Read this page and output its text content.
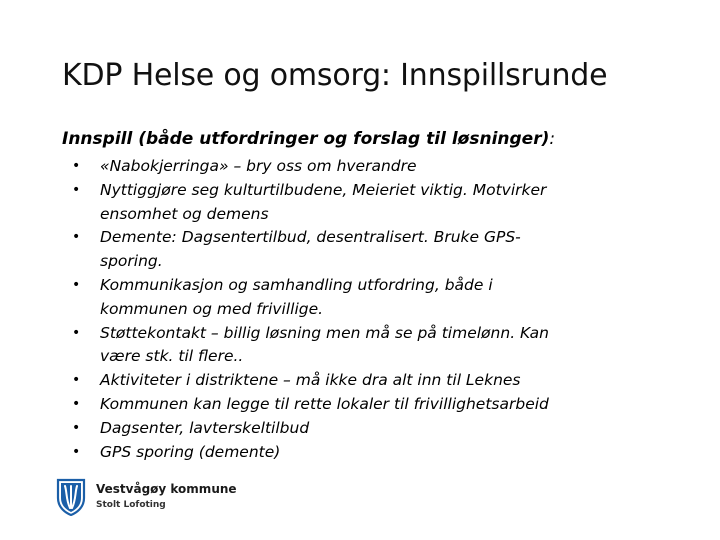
KDP Helse og omsorg: Innspillsrunde
Innspill (både utfordringer og forslag til løsninger):
• «Nabokjerringa» – bry oss om hverandre
• Nyttiggjøre seg kulturtilbudene, Meieriet viktig. Motvirker
ensomhet og demens
• Demente: Dagsentertilbud, desentralisert. Bruke GPS-
sporing.
• Kommunikasjon og samhandling utfordring, både i
kommunen og med frivillige.
• Støttekontakt – billig løsning men må se på timelønn. Kan
være stk. til flere..
• Aktiviteter i distriktene – må ikke dra alt inn til Leknes
• Kommunen kan legge til rette lokaler til frivillighetsarbeid
• Dagsenter, lavterskeltilbud
• GPS sporing (demente)
Vestvågøy kommune
Stolt Lofoting
